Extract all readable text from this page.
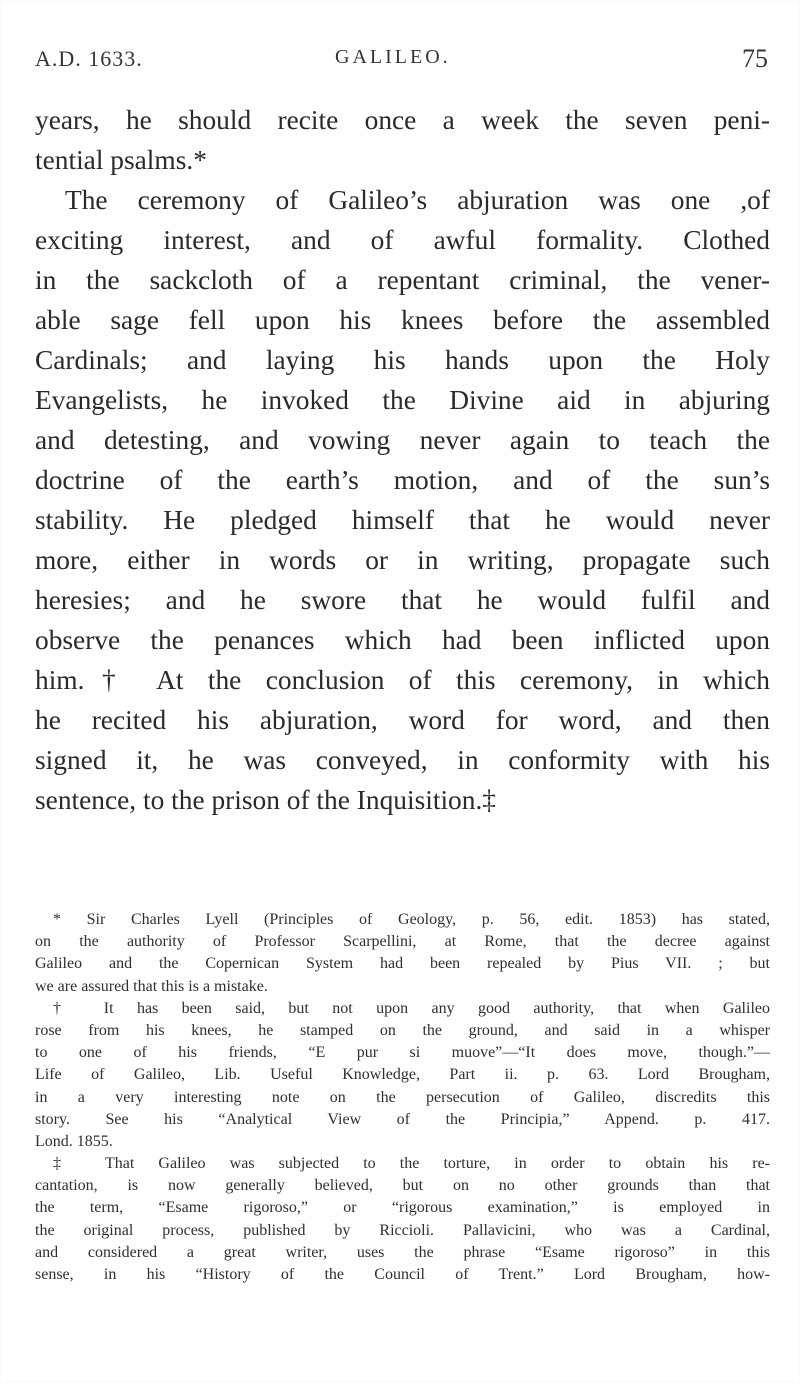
A.D. 1633.	GALILEO.	75
years, he should recite once a week the seven peni-
tential psalms.*
The ceremony of Galileo’s abjuration was one ,of
exciting interest, and of awful formality. Clothed
in the sackcloth of a repentant criminal, the vener-
able sage fell upon his knees before the assembled
Cardinals; and laying his hands upon the Holy
Evangelists, he invoked the Divine aid in abjuring
and detesting, and vowing never again to teach the
doctrine of the earth’s motion, and of the sun’s
stability. He pledged himself that he would never
more, either in words or in writing, propagate such
heresies; and he swore that he would fulfil and
observe the penances which had been inflicted upon
him.† At the conclusion of this ceremony, in which
he recited his abjuration, word for word, and then
signed it, he was conveyed, in conformity with his
sentence, to the prison of the Inquisition.‡
* Sir Charles Lyell (Principles of Geology, p. 56, edit. 1853) has stated,
on the authority of Professor Scarpellini, at Rome, that the decree against
Galileo and the Copernican System had been repealed by Pius VII. ; but
we are assured that this is a mistake.
† It has been said, but not upon any good authority, that when Galileo
rose from his knees, he stamped on the ground, and said in a whisper
to one of his friends, “E pur si muove”—“It does move, though.”—
Life of Galileo, Lib. Useful Knowledge, Part ii. p. 63. Lord Brougham,
in a very interesting note on the persecution of Galileo, discredits this
story. See his “Analytical View of the Principia,” Append. p. 417.
Lond. 1855.
‡ That Galileo was subjected to the torture, in order to obtain his re-
cantation, is now generally believed, but on no other grounds than that
the term, “Esame rigoroso,” or “rigorous examination,” is employed in
the original process, published by Riccioli. Pallavicini, who was a Cardinal,
and considered a great writer, uses the phrase “Esame rigoroso” in this
sense, in his “History of the Council of Trent.” Lord Brougham, how-
